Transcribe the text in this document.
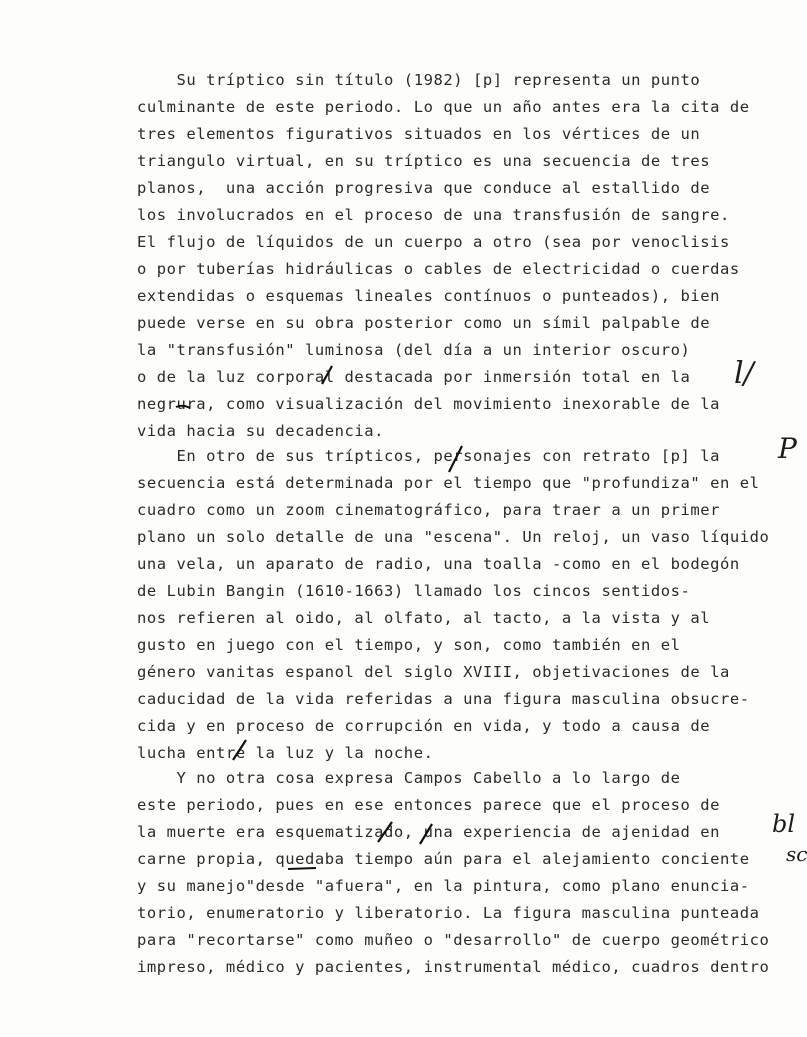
Su tríptico sin título (1982) [p] representa un punto
culminante de este periodo. Lo que un año antes era la cita de
tres elementos figurativos situados en los vértices de un
triangulo virtual, en su tríptico es una secuencia de tres
planos,  una acción progresiva que conduce al estallido de
los involucrados en el proceso de una transfusión de sangre.
El flujo de líquidos de un cuerpo a otro (sea por venoclisis
o por tuberías hidráulicas o cables de electricidad o cuerdas
extendidas o esquemas lineales contínuos o punteados), bien
puede verse en su obra posterior como un símil palpable de
la "transfusión" luminosa (del día a un interior oscuro)
o de la luz corporal destacada por inmersión total en la
negrura, como visualización del movimiento inexorable de la
vida hacia su decadencia.
En otro de sus trípticos, personajes con retrato [p] la
secuencia está determinada por el tiempo que "profundiza" en el
cuadro como un zoom cinematográfico, para traer a un primer
plano un solo detalle de una "escena". Un reloj, un vaso líquido
una vela, un aparato de radio, una toalla -como en el bodegón
de Lubin Bangin (1610-1663) llamado los cincos sentidos-
nos refieren al oido, al olfato, al tacto, a la vista y al
gusto en juego con el tiempo, y son, como también en el
género vanitas espanol del siglo XVIII, objetivaciones de la
caducidad de la vida referidas a una figura masculina obsucre-
cida y en proceso de corrupción en vida, y todo a causa de
lucha entre la luz y la noche.
Y no otra cosa expresa Campos Cabello a lo largo de
este periodo, pues en ese entonces parece que el proceso de
la muerte era esquematizado, una experiencia de ajenidad en
carne propia, quedaba tiempo aún para el alejamiento conciente
y su manejo"desde "afuera", en la pintura, como plano enuncia-
torio, enumeratorio y liberatorio. La figura masculina punteada
para "recortarse" como muñeo o "desarrollo" de cuerpo geométrico
impreso, médico y pacientes, instrumental médico, cuadros dentro
l/
P
bl
sc
